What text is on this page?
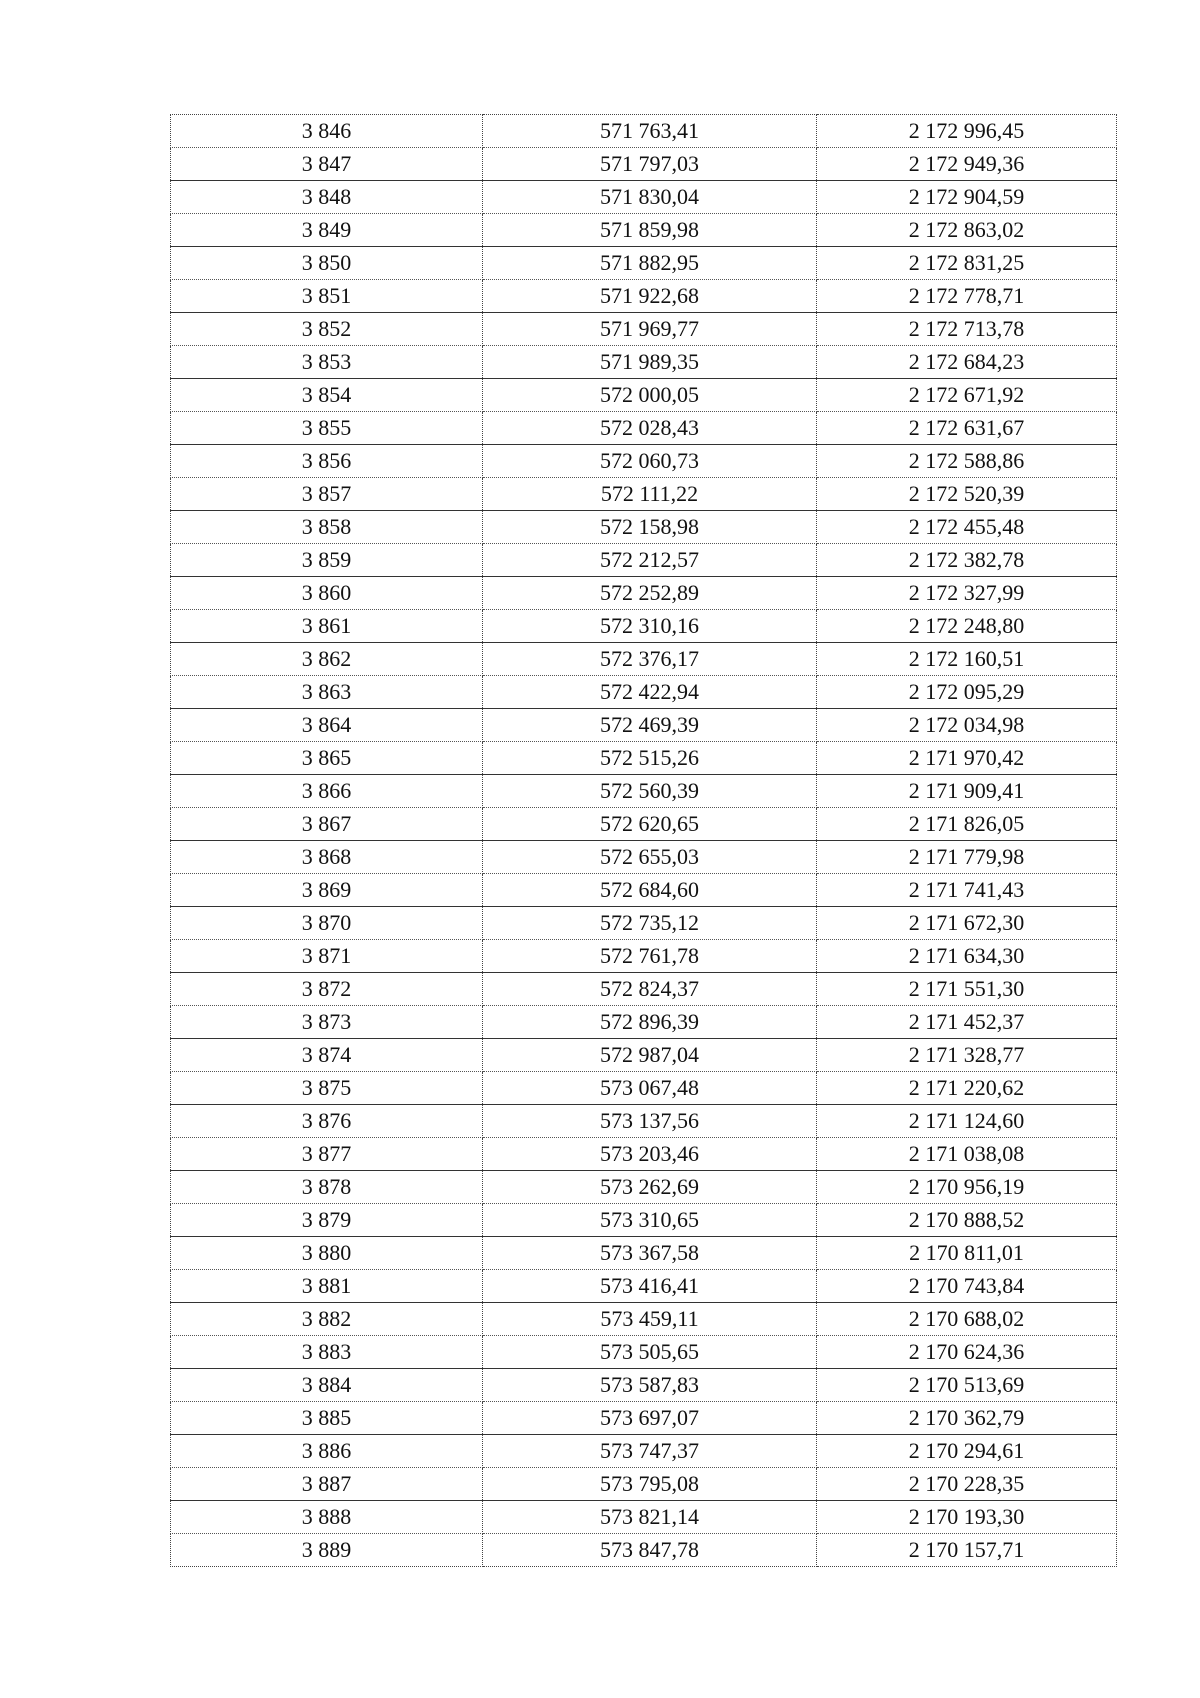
3 846	571 763,41	2 172 996,45
3 847	571 797,03	2 172 949,36
3 848	571 830,04	2 172 904,59
3 849	571 859,98	2 172 863,02
3 850	571 882,95	2 172 831,25
3 851	571 922,68	2 172 778,71
3 852	571 969,77	2 172 713,78
3 853	571 989,35	2 172 684,23
3 854	572 000,05	2 172 671,92
3 855	572 028,43	2 172 631,67
3 856	572 060,73	2 172 588,86
3 857	572 111,22	2 172 520,39
3 858	572 158,98	2 172 455,48
3 859	572 212,57	2 172 382,78
3 860	572 252,89	2 172 327,99
3 861	572 310,16	2 172 248,80
3 862	572 376,17	2 172 160,51
3 863	572 422,94	2 172 095,29
3 864	572 469,39	2 172 034,98
3 865	572 515,26	2 171 970,42
3 866	572 560,39	2 171 909,41
3 867	572 620,65	2 171 826,05
3 868	572 655,03	2 171 779,98
3 869	572 684,60	2 171 741,43
3 870	572 735,12	2 171 672,30
3 871	572 761,78	2 171 634,30
3 872	572 824,37	2 171 551,30
3 873	572 896,39	2 171 452,37
3 874	572 987,04	2 171 328,77
3 875	573 067,48	2 171 220,62
3 876	573 137,56	2 171 124,60
3 877	573 203,46	2 171 038,08
3 878	573 262,69	2 170 956,19
3 879	573 310,65	2 170 888,52
3 880	573 367,58	2 170 811,01
3 881	573 416,41	2 170 743,84
3 882	573 459,11	2 170 688,02
3 883	573 505,65	2 170 624,36
3 884	573 587,83	2 170 513,69
3 885	573 697,07	2 170 362,79
3 886	573 747,37	2 170 294,61
3 887	573 795,08	2 170 228,35
3 888	573 821,14	2 170 193,30
3 889	573 847,78	2 170 157,71
